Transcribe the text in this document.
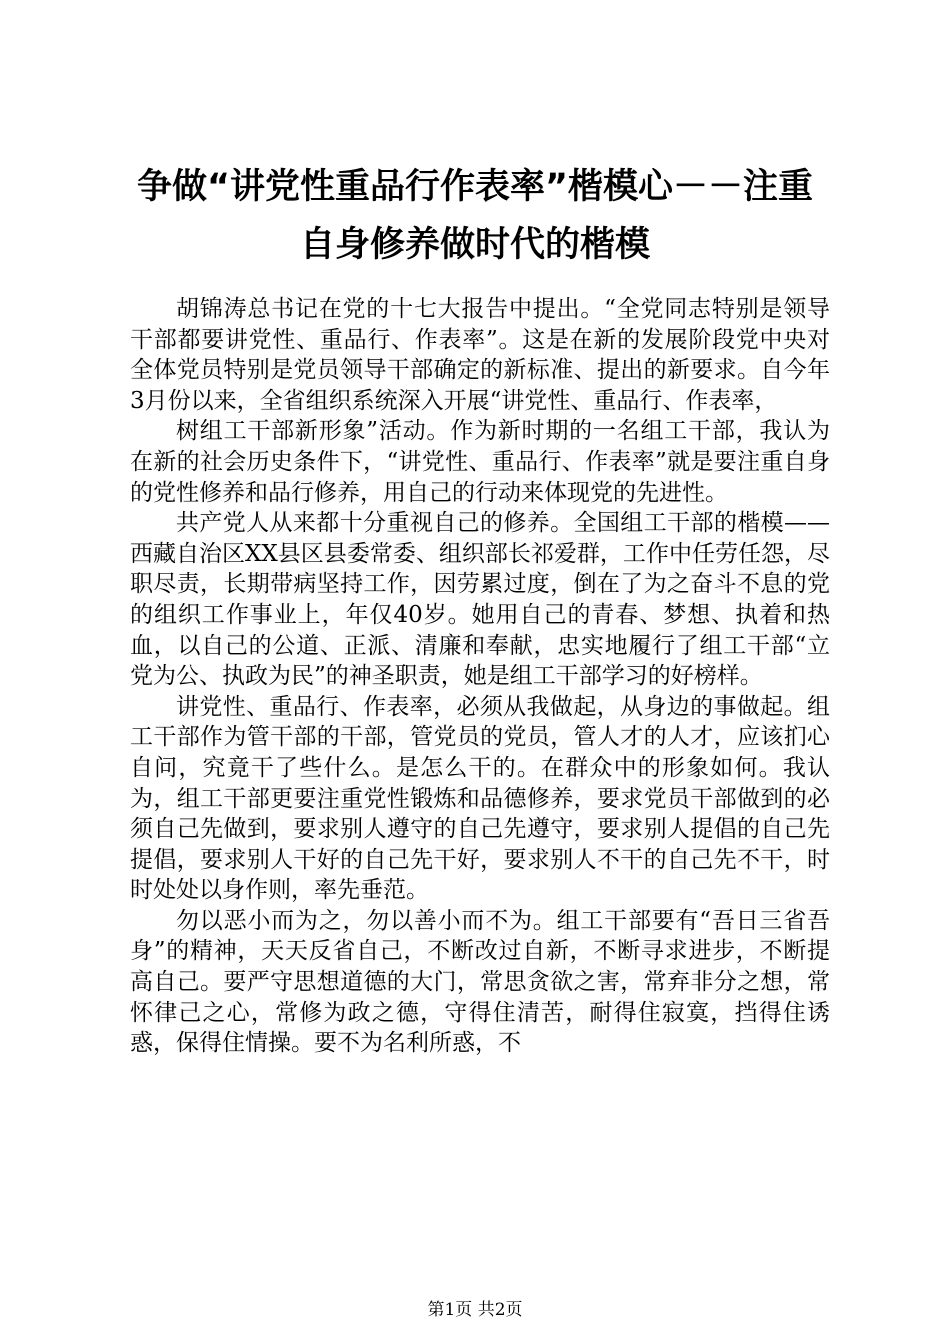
争做“讲党性重品行作表率”楷模心－－注重
自身修养做时代的楷模

胡锦涛总书记在党的十七大报告中提出。“全党同志特别是领导干部都要讲党性、重品行、作表率”。这是在新的发展阶段党中央对全体党员特别是党员领导干部确定的新标准、提出的新要求。自今年3月份以来，全省组织系统深入开展“讲党性、重品行、作表率，

树组工干部新形象”活动。作为新时期的一名组工干部，我认为在新的社会历史条件下，“讲党性、重品行、作表率”就是要注重自身的党性修养和品行修养，用自己的行动来体现党的先进性。

共产党人从来都十分重视自己的修养。全国组工干部的楷模——西藏自治区XX县区县委常委、组织部长祁爱群，工作中任劳任怨，尽职尽责，长期带病坚持工作，因劳累过度，倒在了为之奋斗不息的党的组织工作事业上，年仅40岁。她用自己的青春、梦想、执着和热血，以自己的公道、正派、清廉和奉献，忠实地履行了组工干部“立党为公、执政为民”的神圣职责，她是组工干部学习的好榜样。

讲党性、重品行、作表率，必须从我做起，从身边的事做起。组工干部作为管干部的干部，管党员的党员，管人才的人才，应该扪心自问，究竟干了些什么。是怎么干的。在群众中的形象如何。我认为，组工干部更要注重党性锻炼和品德修养，要求党员干部做到的必须自己先做到，要求别人遵守的自己先遵守，要求别人提倡的自己先提倡，要求别人干好的自己先干好，要求别人不干的自己先不干，时时处处以身作则，率先垂范。

勿以恶小而为之，勿以善小而不为。组工干部要有“吾日三省吾身”的精神，天天反省自己，不断改过自新，不断寻求进步，不断提高自己。要严守思想道德的大门，常思贪欲之害，常弃非分之想，常怀律己之心，常修为政之德，守得住清苦，耐得住寂寞，挡得住诱惑，保得住情操。要不为名利所惑，不

第1页 共2页
